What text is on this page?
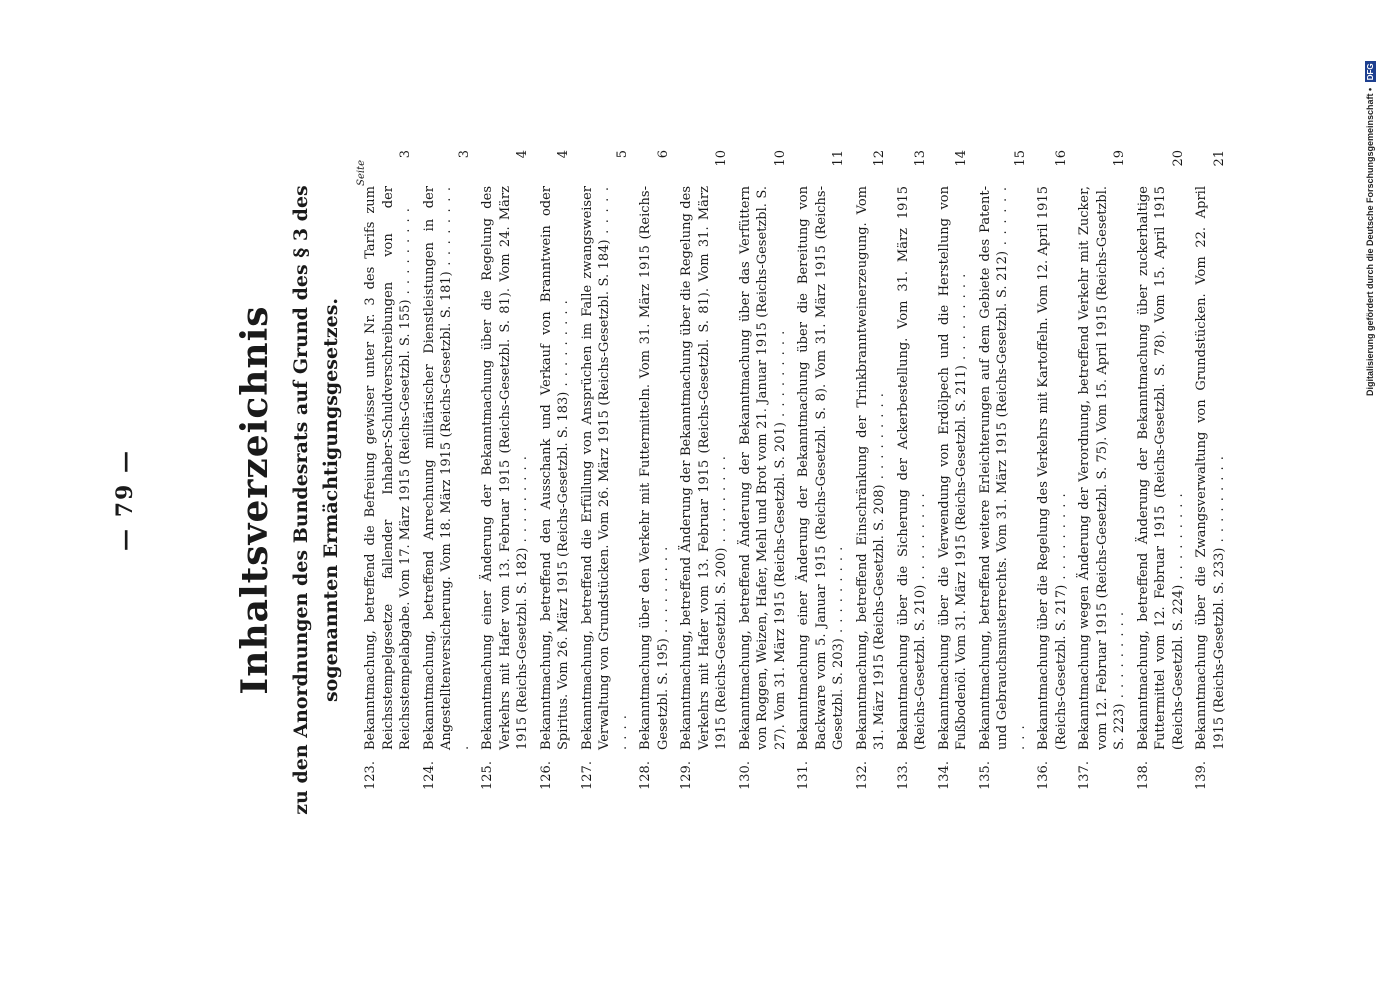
— 79 —	Inhaltsverzeichnis zu den Anordnungen des Bundesrats auf Grund des § 3 des sogenannten Ermächtigungsgesetzes.
Seite
123.
Bekanntmachung, betreffend die Befreiung gewisser unter Nr. 3 des Tarifs zum Reichsstempelgesetze fallender Inhaber-Schuldverschreibungen von der Reichsstempelabgabe. Vom 17. März 1915 (Reichs-Gesetzbl. S. 155) . . . . . . . . .
3
124.
Bekanntmachung, betreffend Anrechnung militärischer Dienstleistungen in der Angestelltenversicherung. Vom 18. März 1915 (Reichs-Gesetzbl. S. 181) . . . . . . . . .
3
125.
Bekanntmachung einer Änderung der Bekanntmachung über die Regelung des Verkehrs mit Hafer vom 13. Februar 1915 (Reichs-Gesetzbl. S. 81). Vom 24. März 1915 (Reichs-Gesetzbl. S. 182) . . . . . . . . .
4
126.
Bekanntmachung, betreffend den Ausschank und Verkauf von Branntwein oder Spiritus. Vom 26. März 1915 (Reichs-Gesetzbl. S. 183) . . . . . . . . .
4
127.
Bekanntmachung, betreffend die Erfüllung von Ansprüchen im Falle zwangsweiser Verwaltung von Grundstücken. Vom 26. März 1915 (Reichs-Gesetzbl. S. 184) . . . . . . . . .
5
128.
Bekanntmachung über den Verkehr mit Futtermitteln. Vom 31. März 1915 (Reichs-Gesetzbl. S. 195) . . . . . . . . .
6
129.
Bekanntmachung, betreffend Änderung der Bekanntmachung über die Regelung des Verkehrs mit Hafer vom 13. Februar 1915 (Reichs-Gesetzbl. S. 81). Vom 31. März 1915 (Reichs-Gesetzbl. S. 200) . . . . . . . . .
10
130.
Bekanntmachung, betreffend Änderung der Bekanntmachung über das Verfüttern von Roggen, Weizen, Hafer, Mehl und Brot vom 21. Januar 1915 (Reichs-Gesetzbl. S. 27). Vom 31. März 1915 (Reichs-Gesetzbl. S. 201) . . . . . . . . .
10
131.
Bekanntmachung einer Änderung der Bekanntmachung über die Bereitung von Backware vom 5. Januar 1915 (Reichs-Gesetzbl. S. 8). Vom 31. März 1915 (Reichs-Gesetzbl. S. 203) . . . . . . . . .
11
132.
Bekanntmachung, betreffend Einschränkung der Trinkbranntweinerzeugung. Vom 31. März 1915 (Reichs-Gesetzbl. S. 208) . . . . . . . . .
12
133.
Bekanntmachung über die Sicherung der Ackerbestellung. Vom 31. März 1915 (Reichs-Gesetzbl. S. 210) . . . . . . . . .
13
134.
Bekanntmachung über die Verwendung von Erdölpech und die Herstellung von Fußbodenöl. Vom 31. März 1915 (Reichs-Gesetzbl. S. 211) . . . . . . . . .
14
135.
Bekanntmachung, betreffend weitere Erleichterungen auf dem Gebiete des Patent- und Gebrauchsmusterrechts. Vom 31. März 1915 (Reichs-Gesetzbl. S. 212) . . . . . . . . .
15
136.
Bekanntmachung über die Regelung des Verkehrs mit Kartoffeln. Vom 12. April 1915 (Reichs-Gesetzbl. S. 217) . . . . . . . . .
16
137.
Bekanntmachung wegen Änderung der Verordnung, betreffend Verkehr mit Zucker, vom 12. Februar 1915 (Reichs-Gesetzbl. S. 75). Vom 15. April 1915 (Reichs-Gesetzbl. S. 223) . . . . . . . . .
19
138.
Bekanntmachung, betreffend Änderung der Bekanntmachung über zuckerhaltige Futtermittel vom 12. Februar 1915 (Reichs-Gesetzbl. S. 78). Vom 15. April 1915 (Reichs-Gesetzbl. S. 224) . . . . . . . . .
20
139.
Bekanntmachung über die Zwangsverwaltung von Grundstücken. Vom 22. April 1915 (Reichs-Gesetzbl. S. 233) . . . . . . . . .
21	Digitalisierung gefördert durch die Deutsche Forschungsgemeinschaft • DFG
